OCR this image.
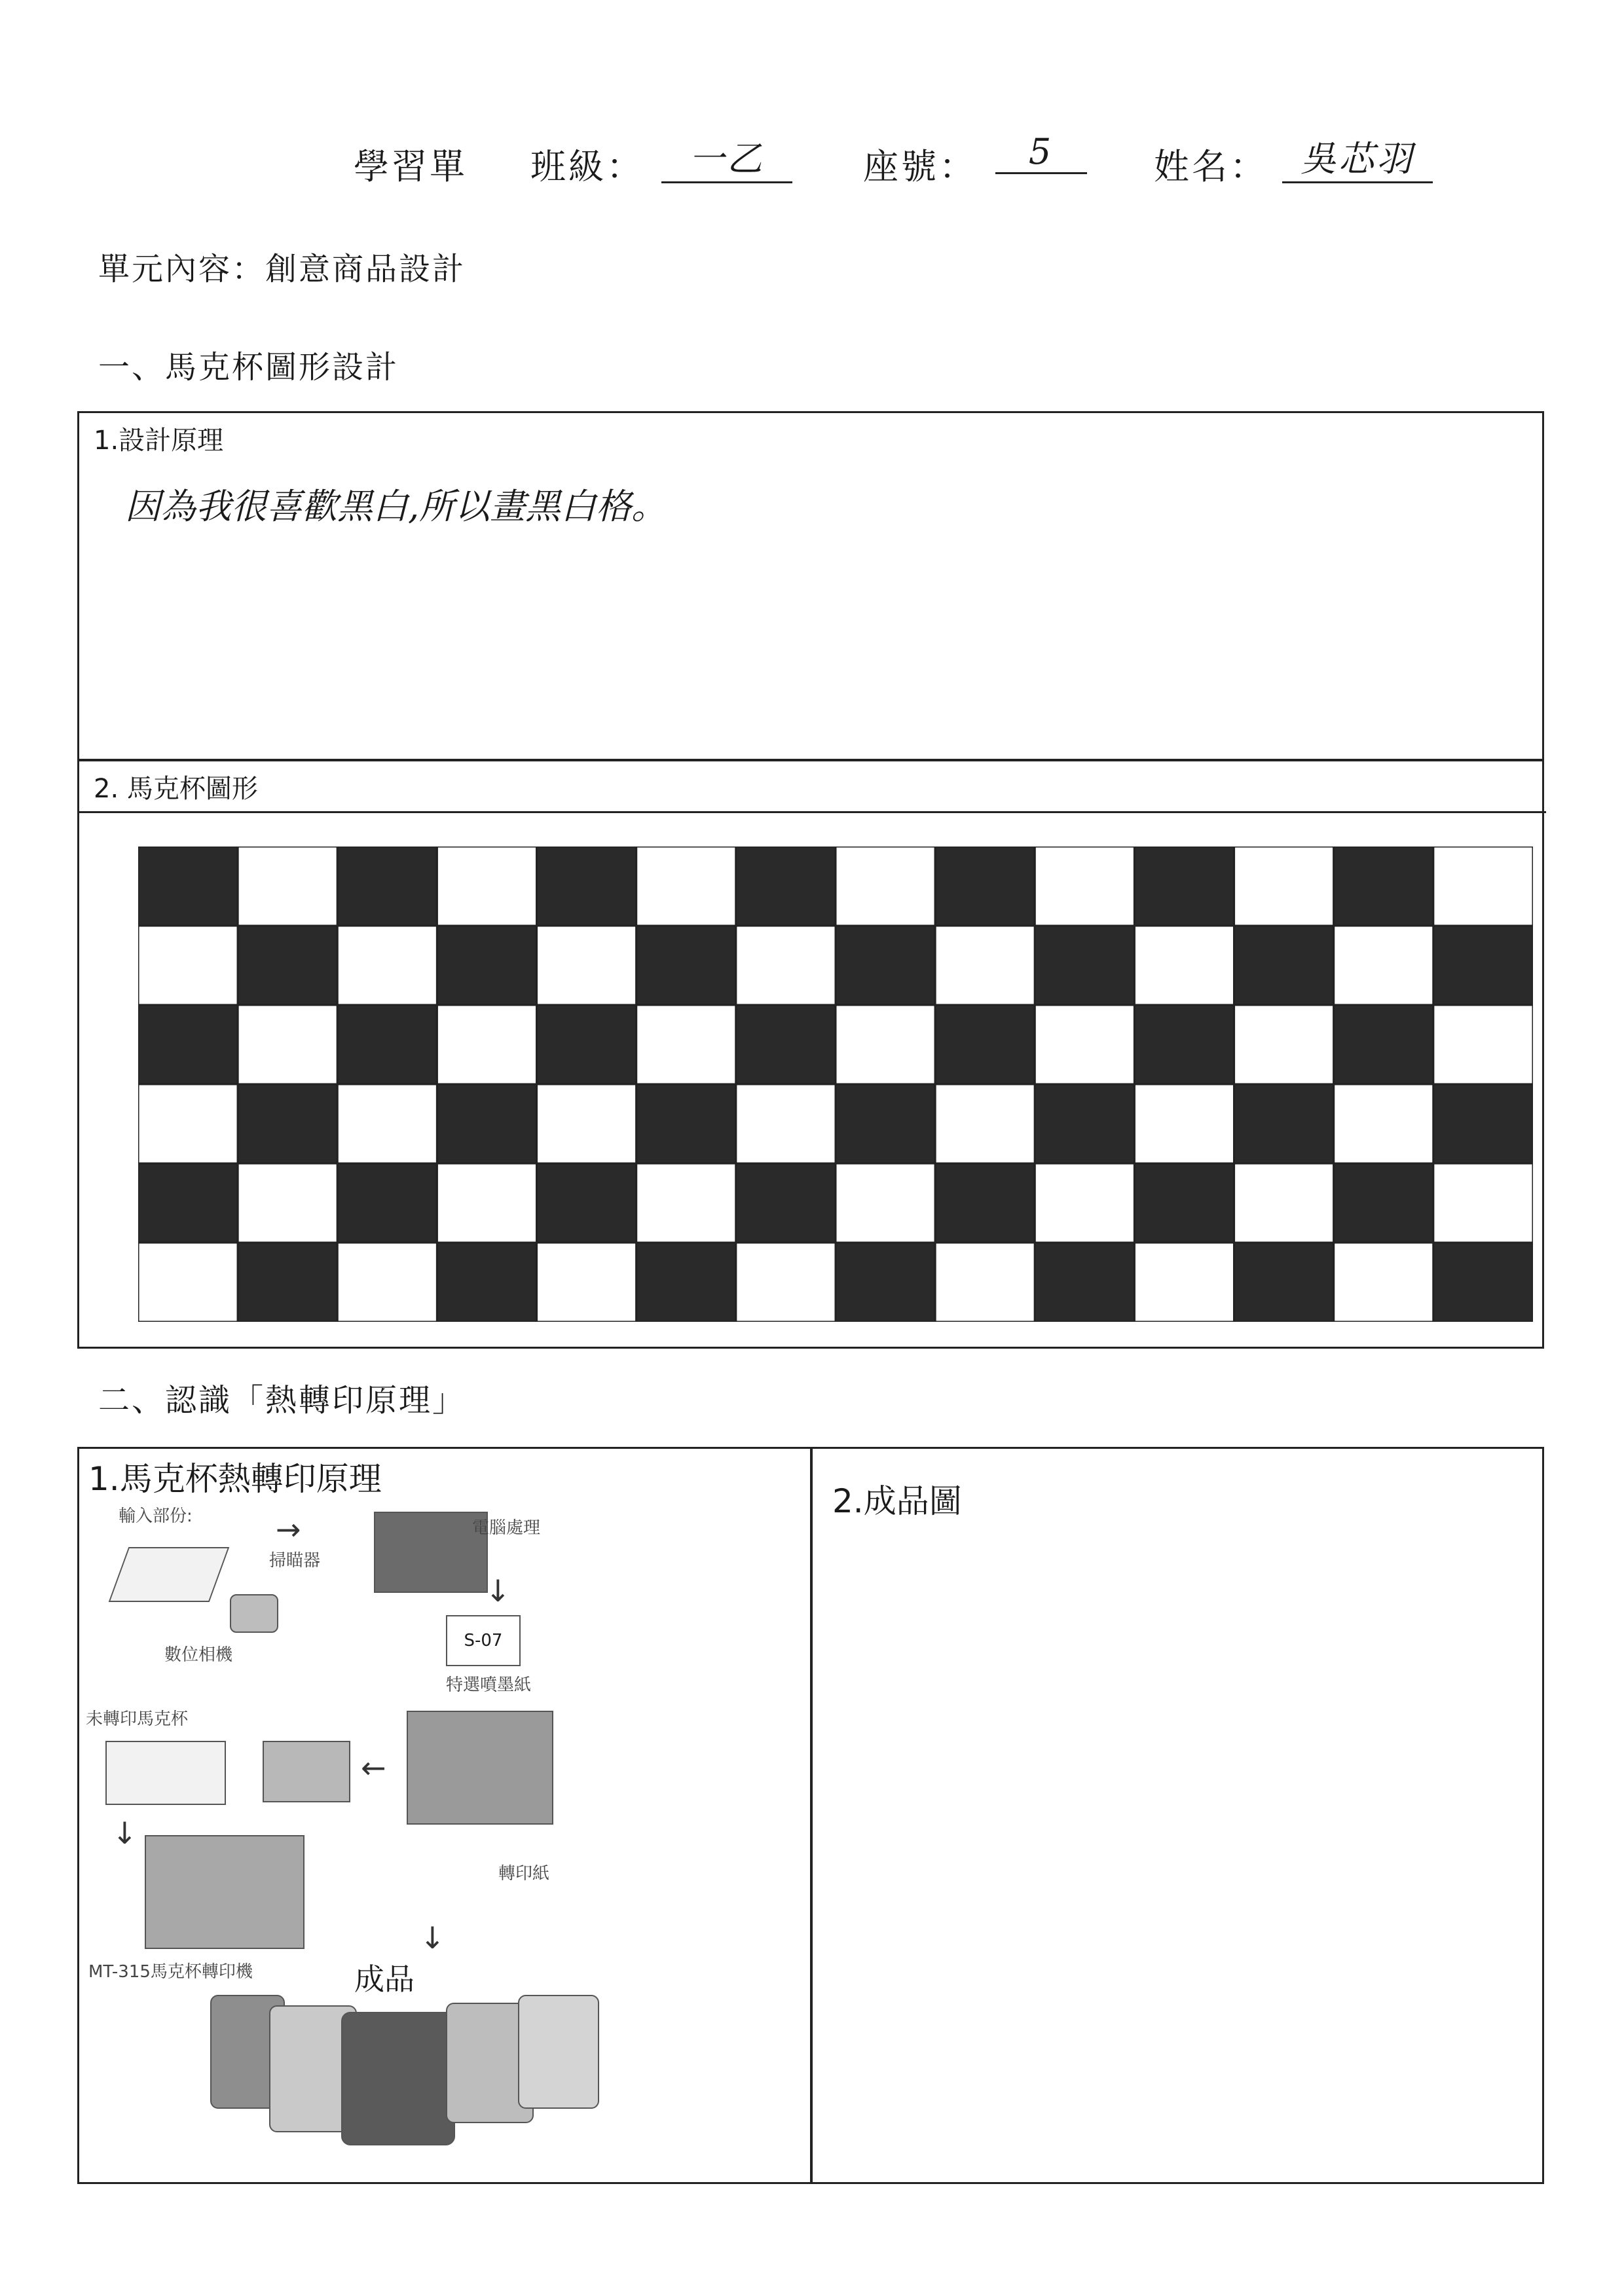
學習單 班級：	一乙	座號：	5	姓名： 吳芯羽
單元內容：創意商品設計
一、馬克杯圖形設計
1.設計原理
因為我很喜歡黑白,所以畫黑白格。
2. 馬克杯圖形
二、認識「熱轉印原理」
1.馬克杯熱轉印原理
輸入部份:
掃瞄器
→
數位相機
電腦處理
↓
S-07
特選噴墨紙
未轉印馬克杯
←
轉印紙
↓
MT-315馬克杯轉印機
↓
成品
2.成品圖
